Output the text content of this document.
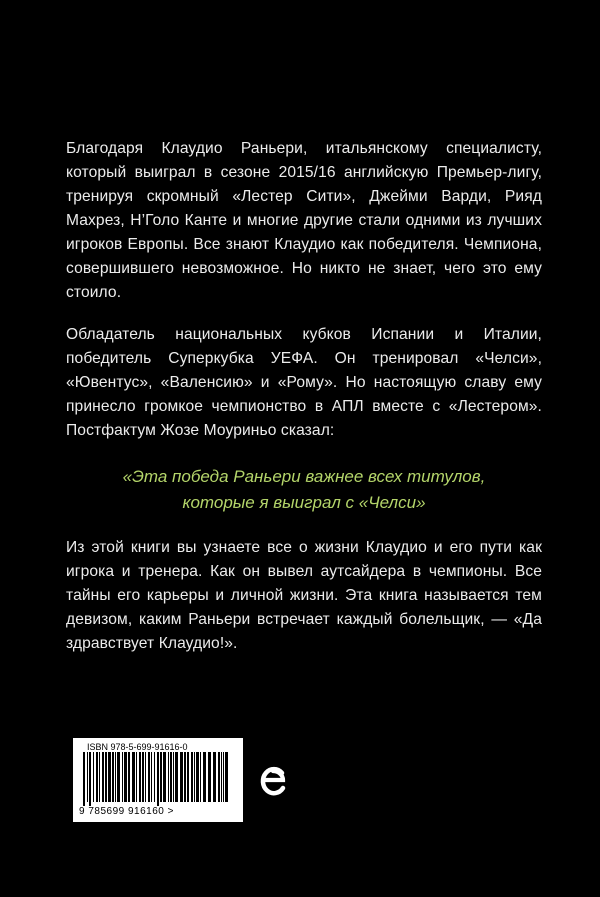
Благодаря Клаудио Раньери, итальянскому специалисту, который выиграл в сезоне 2015/16 английскую Премьер-лигу, тренируя скромный «Лестер Сити», Джейми Варди, Рияд Махрез, Н’Голо Канте и многие другие стали одними из лучших игроков Европы. Все знают Клаудио как победителя. Чемпиона, совершившего невозможное. Но никто не знает, чего это ему стоило.

Обладатель национальных кубков Испании и Италии, победитель Суперкубка УЕФА. Он тренировал «Челси», «Ювентус», «Валенсию» и «Рому». Но настоящую славу ему принесло громкое чемпионство в АПЛ вместе с «Лестером». Постфактум Жозе Моуриньо сказал:

«Эта победа Раньери важнее всех титулов,

которые я выиграл с «Челси»

Из этой книги вы узнаете все о жизни Клаудио и его пути как игрока и тренера. Как он вывел аутсайдера в чемпионы. Все тайны его карьеры и личной жизни. Эта книга называется тем девизом, каким Раньери встречает каждый болельщик, — «Да здравствует Клаудио!».

ISBN 978-5-699-91616-0
9 785699 916160 >
